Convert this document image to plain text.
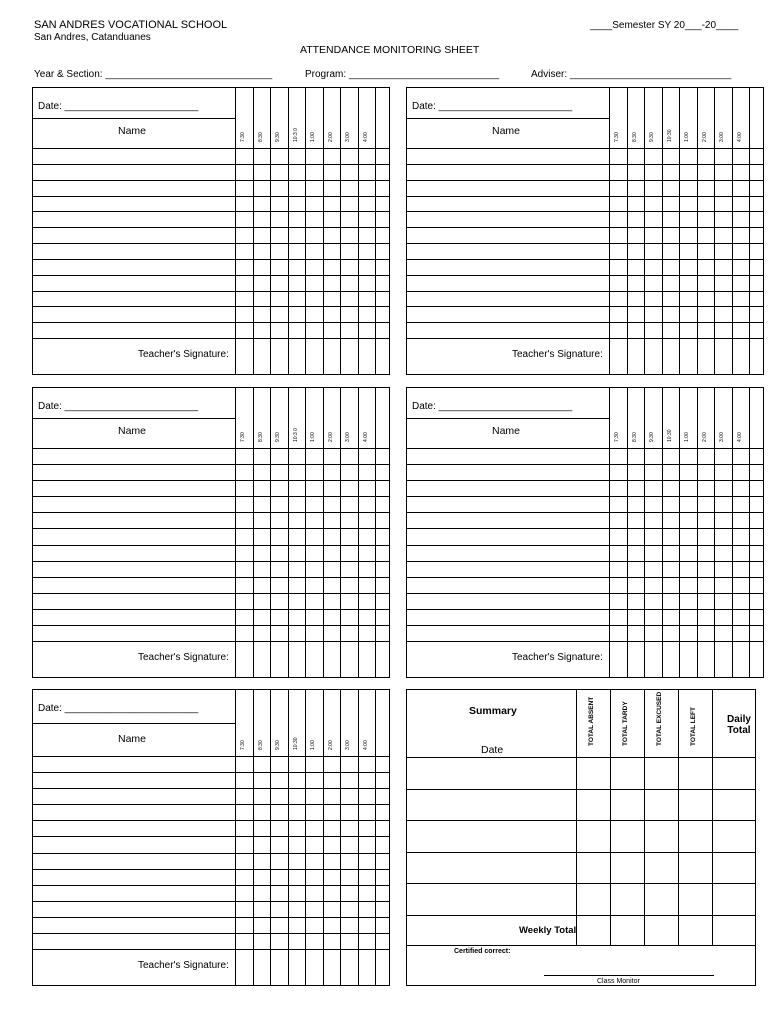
SAN ANDRES VOCATIONAL SCHOOL
San Andres, Catanduanes
____Semester SY 20___-20____
ATTENDANCE MONITORING SHEET
Year & Section: ______________________________	Program: ___________________________	Adviser: _____________________________
Date: ________________________
Name
7:30 8:30 9:30 10:3 0 1:00 2:00 3:00 4:00
Teacher's Signature:
Date: ________________________
Name
7:30 8:30 9:30 10:30 1:00 2:00 3:00 4:00
Teacher's Signature:
Date: ________________________
Name
7:30 8:30 9:30 10:3 0 1:00 2:00 3:00 4:00
Teacher's Signature:
Date: ________________________
Name
7:30 8:30 9:30 10:30 1:00 2:00 3:00 4:00
Teacher's Signature:
Date: ________________________
Name
7:30 8:30 9:30 10:30 1:00 2:00 3:00 4:00
Teacher's Signature:
Summary
Date
TOTAL ABSENT	TOTAL TARDY	TOTAL EXCUSED	TOTAL LEFT	Daily Total
Weekly Total
Certified correct:
Class Monitor
